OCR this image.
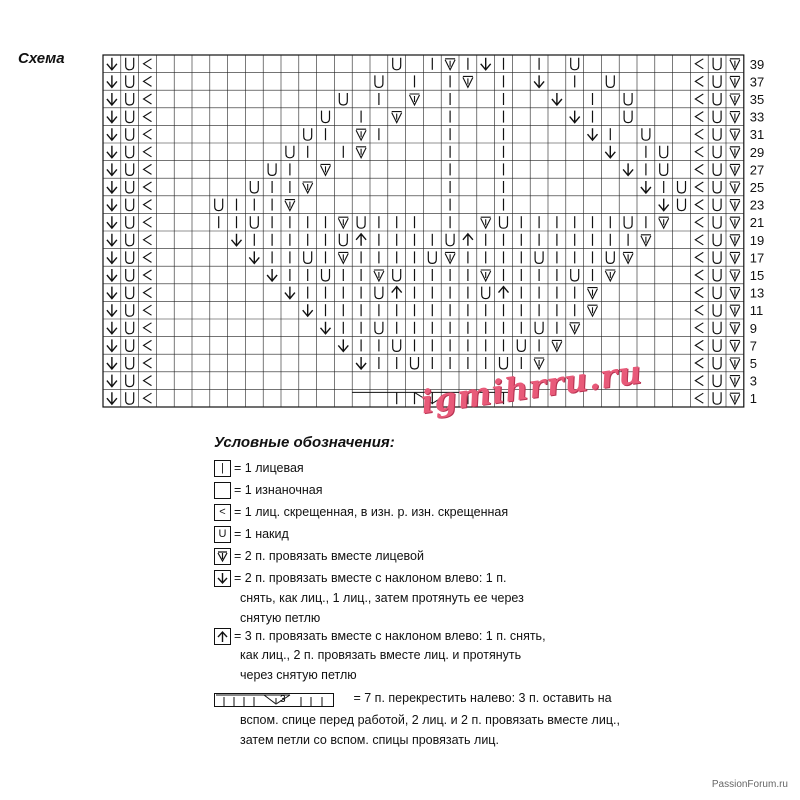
Схема	39
37
35
33
31
29
27
25
23
21
19
17
15
13
11
9
7
5
3
1
igmihrru.ru
Условные обозначения:
| = 1 лицевая
= 1 изнаночная
< = 1 лиц. скрещенная, в изн. р. изн. скрещенная
U = 1 накид
= 2 п. провязать вместе лицевой
= 2 п. провязать вместе с наклоном влево: 1 п.
снять, как лиц., 1 лиц., затем протянуть ее через
снятую петлю
= 3 п. провязать вместе с наклоном влево: 1 п. снять,
как лиц., 2 п. провязать вместе лиц. и протянуть
через снятую петлю
3	= 7 п. перекрестить налево: 3 п. оставить на
вспом. спице перед работой, 2 лиц. и 2 п. провязать вместе лиц.,
затем петли со вспом. спицы провязать лиц.
PassionForum.ru
